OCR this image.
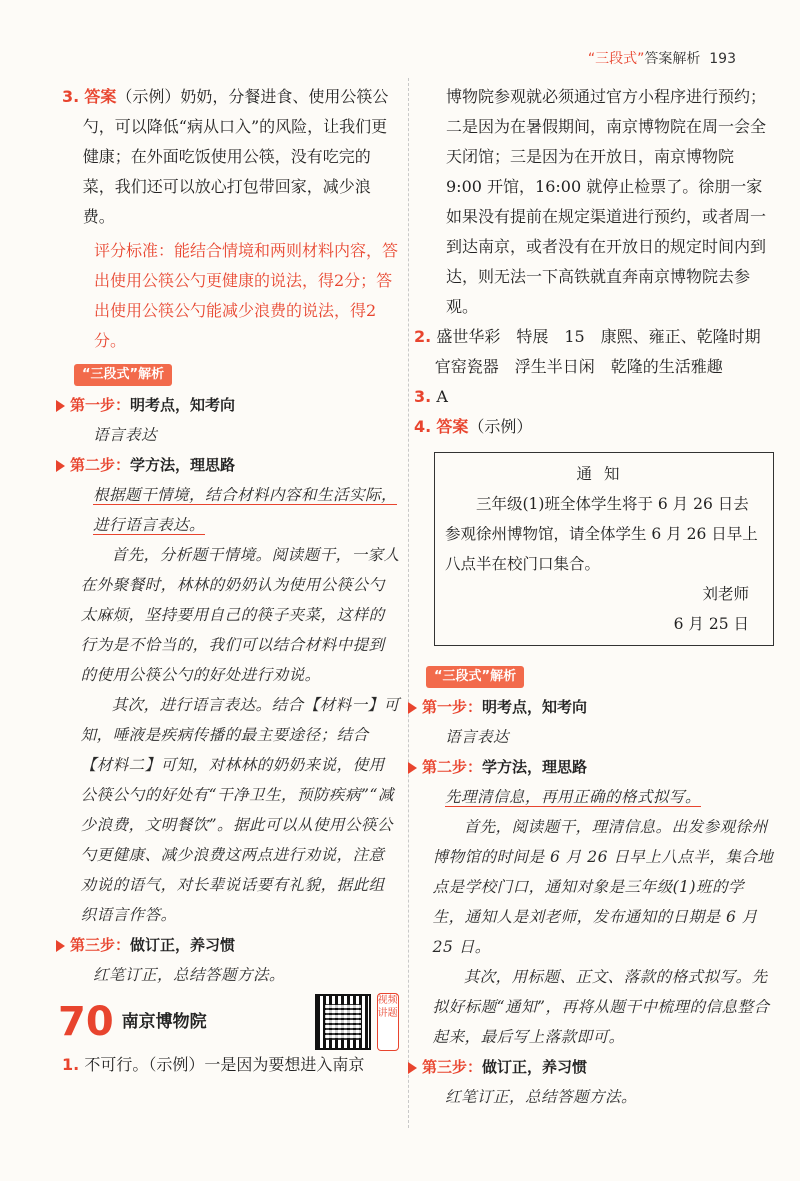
“三段式”答案解析 193

3. 答案（示例）奶奶，分餐进食、使用公筷公勺，可以降低“病从口入”的风险，让我们更健康；在外面吃饭使用公筷，没有吃完的菜，我们还可以放心打包带回家，减少浪费。

评分标准：能结合情境和两则材料内容，答出使用公筷公勺更健康的说法，得2分；答出使用公筷公勺能减少浪费的说法，得2分。

“三段式”解析
第一步：明考点，知考向

语言表达

第二步：学方法，理思路

根据题干情境，结合材料内容和生活实际，进行语言表达。

首先，分析题干情境。阅读题干，一家人在外聚餐时，林林的奶奶认为使用公筷公勺太麻烦，坚持要用自己的筷子夹菜，这样的行为是不恰当的，我们可以结合材料中提到的使用公筷公勺的好处进行劝说。

其次，进行语言表达。结合【材料一】可知，唾液是疾病传播的最主要途径；结合【材料二】可知，对林林的奶奶来说，使用公筷公勺的好处有“干净卫生，预防疾病”“减少浪费，文明餐饮”。据此可以从使用公筷公勺更健康、减少浪费这两点进行劝说，注意劝说的语气，对长辈说话要有礼貌，据此组织语言作答。

第三步：做订正，养习惯

红笔订正，总结答题方法。

70 南京博物院
视频讲题

1. 不可行。（示例）一是因为要想进入南京

博物院参观就必须通过官方小程序进行预约；二是因为在暑假期间，南京博物院在周一会全天闭馆；三是因为在开放日，南京博物院 9:00 开馆，16:00 就停止检票了。徐朋一家如果没有提前在规定渠道进行预约，或者周一到达南京，或者没有在开放日的规定时间内到达，则无法一下高铁就直奔南京博物院去参观。

2. 盛世华彩　特展　15　康熙、雍正、乾隆时期官窑瓷器　浮生半日闲　乾隆的生活雅趣

3. A

4. 答案（示例）

通知

三年级(1)班全体学生将于 6 月 26 日去参观徐州博物馆，请全体学生 6 月 26 日早上八点半在校门口集合。

刘老师
6 月 25 日
“三段式”解析
第一步：明考点，知考向

语言表达

第二步：学方法，理思路

先理清信息，再用正确的格式拟写。

首先，阅读题干，理清信息。出发参观徐州博物馆的时间是 6 月 26 日早上八点半，集合地点是学校门口，通知对象是三年级(1)班的学生，通知人是刘老师，发布通知的日期是 6 月 25 日。

其次，用标题、正文、落款的格式拟写。先拟好标题“通知”，再将从题干中梳理的信息整合起来，最后写上落款即可。

第三步：做订正，养习惯

红笔订正，总结答题方法。
